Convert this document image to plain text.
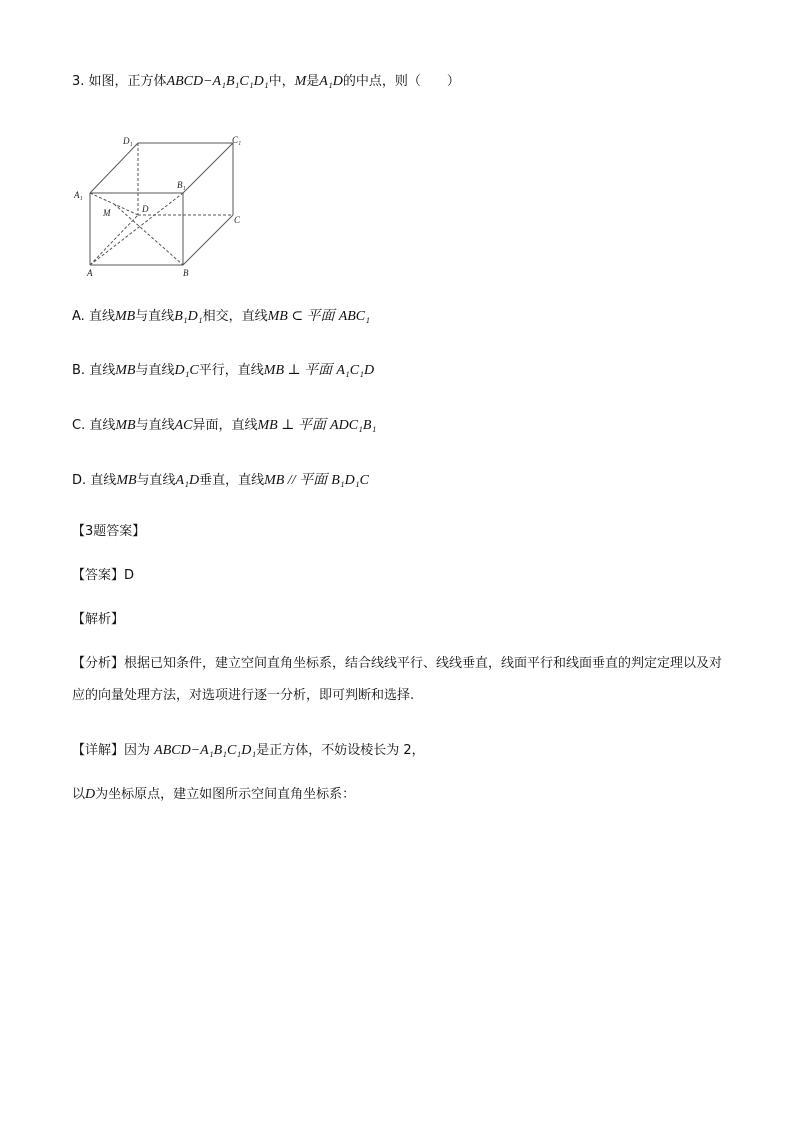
3. 如图，正方体ABCD−A₁B₁C₁D₁中，M是A₁D的中点，则（　　）
D₁	C₁
A₁
B₁
M	D
C
A	B
A. 直线MB与直线B₁D₁相交，直线MB ⊂ 平面 ABC₁
B. 直线MB与直线D₁C平行，直线MB ⊥ 平面 A₁C₁D
C. 直线MB与直线AC异面，直线MB ⊥ 平面 ADC₁B₁
D. 直线MB与直线A₁D垂直，直线MB // 平面 B₁D₁C
【3题答案】
【答案】D
【解析】
【分析】根据已知条件，建立空间直角坐标系，结合线线平行、线线垂直，线面平行和线面垂直的判定定理以及对应的向量处理方法，对选项进行逐一分析，即可判断和选择.
【详解】因为 ABCD−A₁B₁C₁D₁是正方体，不妨设棱长为 2，
以D为坐标原点，建立如图所示空间直角坐标系：
